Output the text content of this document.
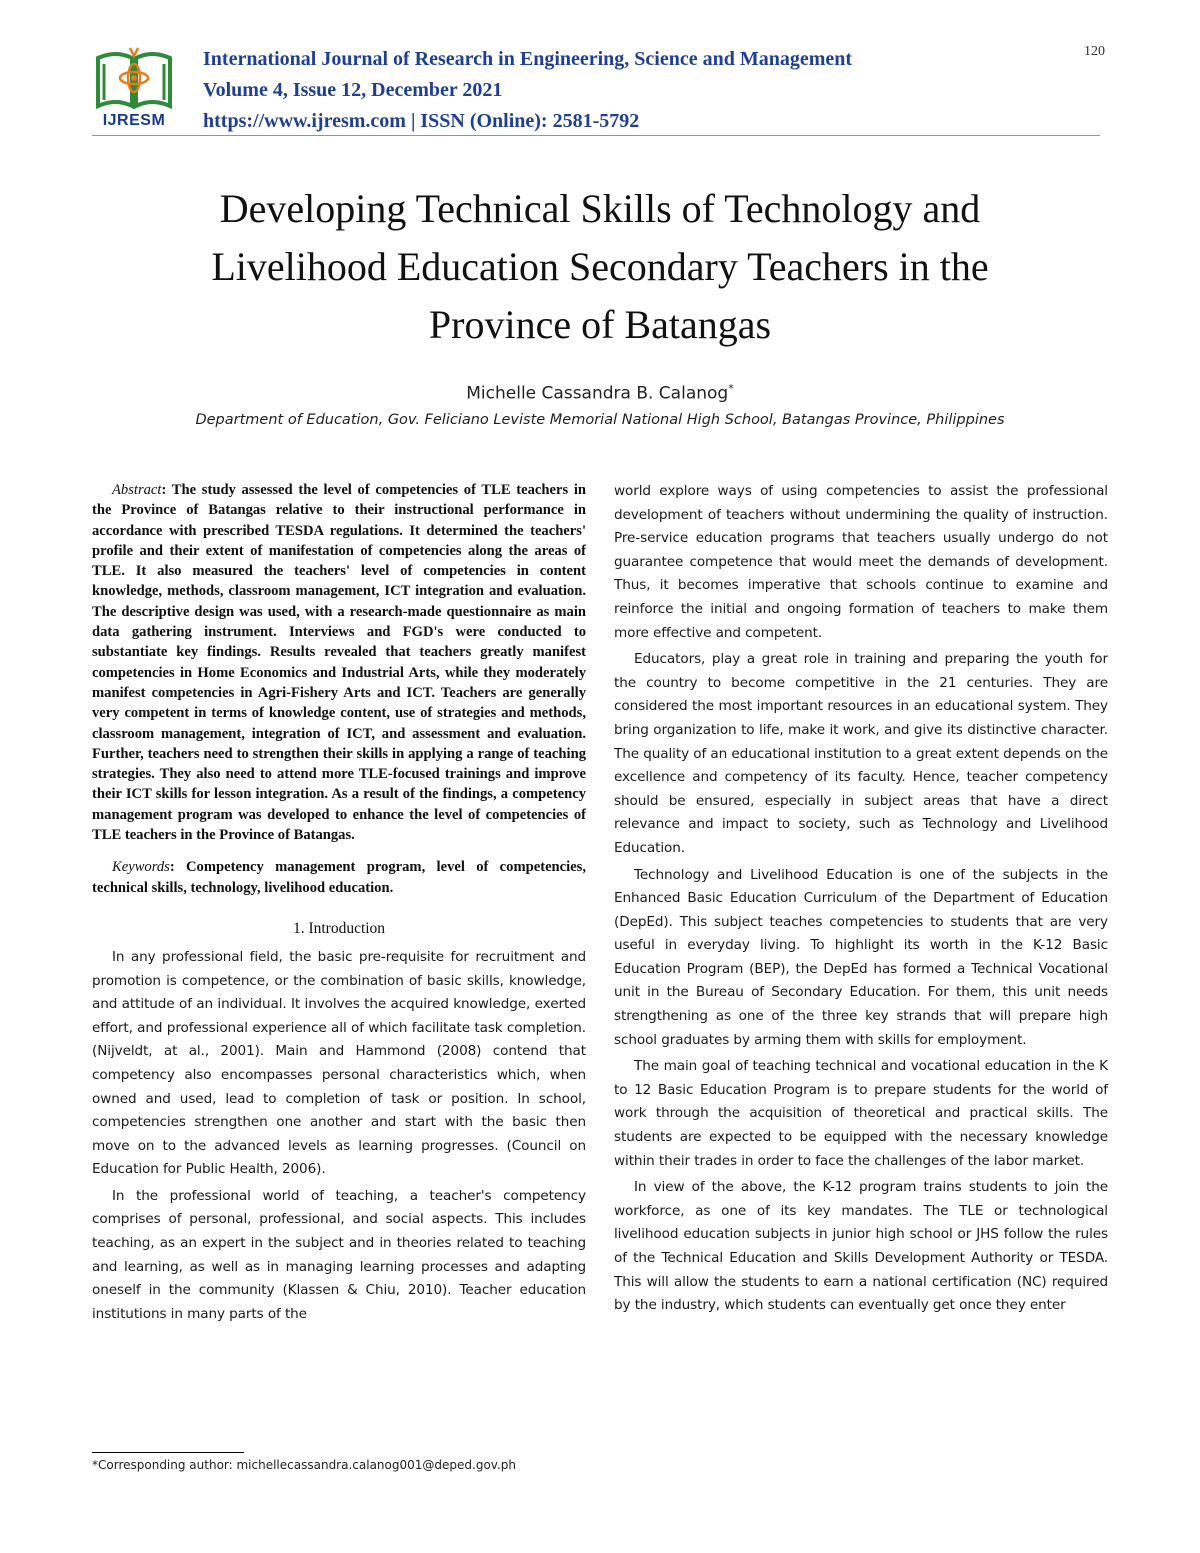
IJRESM
International Journal of Research in Engineering, Science and Management
Volume 4, Issue 12, December 2021
https://www.ijresm.com | ISSN (Online): 2581-5792
120
Developing Technical Skills of Technology and
Livelihood Education Secondary Teachers in the
Province of Batangas
Michelle Cassandra B. Calanog*
Department of Education, Gov. Feliciano Leviste Memorial National High School, Batangas Province, Philippines

Abstract: The study assessed the level of competencies of TLE teachers in the Province of Batangas relative to their instructional performance in accordance with prescribed TESDA regulations. It determined the teachers' profile and their extent of manifestation of competencies along the areas of TLE. It also measured the teachers' level of competencies in content knowledge, methods, classroom management, ICT integration and evaluation. The descriptive design was used, with a research-made questionnaire as main data gathering instrument. Interviews and FGD's were conducted to substantiate key findings. Results revealed that teachers greatly manifest competencies in Home Economics and Industrial Arts, while they moderately manifest competencies in Agri-Fishery Arts and ICT. Teachers are generally very competent in terms of knowledge content, use of strategies and methods, classroom management, integration of ICT, and assessment and evaluation. Further, teachers need to strengthen their skills in applying a range of teaching strategies. They also need to attend more TLE-focused trainings and improve their ICT skills for lesson integration. As a result of the findings, a competency management program was developed to enhance the level of competencies of TLE teachers in the Province of Batangas.

Keywords: Competency management program, level of competencies, technical skills, technology, livelihood education.

1. Introduction

In any professional field, the basic pre-requisite for recruitment and promotion is competence, or the combination of basic skills, knowledge, and attitude of an individual. It involves the acquired knowledge, exerted effort, and professional experience all of which facilitate task completion. (Nijveldt, at al., 2001). Main and Hammond (2008) contend that competency also encompasses personal characteristics which, when owned and used, lead to completion of task or position. In school, competencies strengthen one another and start with the basic then move on to the advanced levels as learning progresses. (Council on Education for Public Health, 2006).

In the professional world of teaching, a teacher's competency comprises of personal, professional, and social aspects. This includes teaching, as an expert in the subject and in theories related to teaching and learning, as well as in managing learning processes and adapting oneself in the community (Klassen & Chiu, 2010). Teacher education institutions in many parts of the

world explore ways of using competencies to assist the professional development of teachers without undermining the quality of instruction. Pre-service education programs that teachers usually undergo do not guarantee competence that would meet the demands of development. Thus, it becomes imperative that schools continue to examine and reinforce the initial and ongoing formation of teachers to make them more effective and competent.

Educators, play a great role in training and preparing the youth for the country to become competitive in the 21 centuries. They are considered the most important resources in an educational system. They bring organization to life, make it work, and give its distinctive character. The quality of an educational institution to a great extent depends on the excellence and competency of its faculty. Hence, teacher competency should be ensured, especially in subject areas that have a direct relevance and impact to society, such as Technology and Livelihood Education.

Technology and Livelihood Education is one of the subjects in the Enhanced Basic Education Curriculum of the Department of Education (DepEd). This subject teaches competencies to students that are very useful in everyday living. To highlight its worth in the K-12 Basic Education Program (BEP), the DepEd has formed a Technical Vocational unit in the Bureau of Secondary Education. For them, this unit needs strengthening as one of the three key strands that will prepare high school graduates by arming them with skills for employment.

The main goal of teaching technical and vocational education in the K to 12 Basic Education Program is to prepare students for the world of work through the acquisition of theoretical and practical skills. The students are expected to be equipped with the necessary knowledge within their trades in order to face the challenges of the labor market.

In view of the above, the K-12 program trains students to join the workforce, as one of its key mandates. The TLE or technological livelihood education subjects in junior high school or JHS follow the rules of the Technical Education and Skills Development Authority or TESDA. This will allow the students to earn a national certification (NC) required by the industry, which students can eventually get once they enter

*Corresponding author: michellecassandra.calanog001@deped.gov.ph
